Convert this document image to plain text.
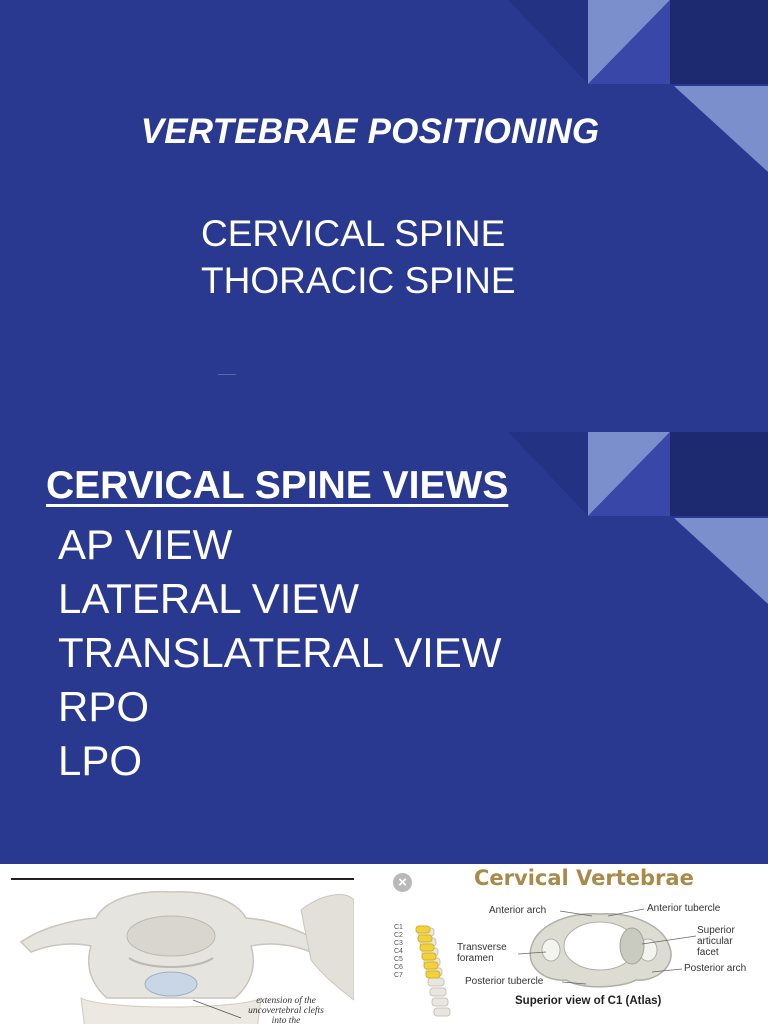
VERTEBRAE POSITIONING
CERVICAL SPINE
THORACIC SPINE
CERVICAL SPINE VIEWS
AP VIEW
LATERAL VIEW
TRANSLATERAL VIEW
RPO
LPO
×	Cervical Vertebrae
Anterior arch	Anterior tubercle
Superior
articular
facet
Transverse
foramen
Posterior arch
Posterior tubercle
C1
C2
C3
C4
C5
C6
C7
Superior view of C1 (Atlas)
extension of the uncovertebral clefts into the
